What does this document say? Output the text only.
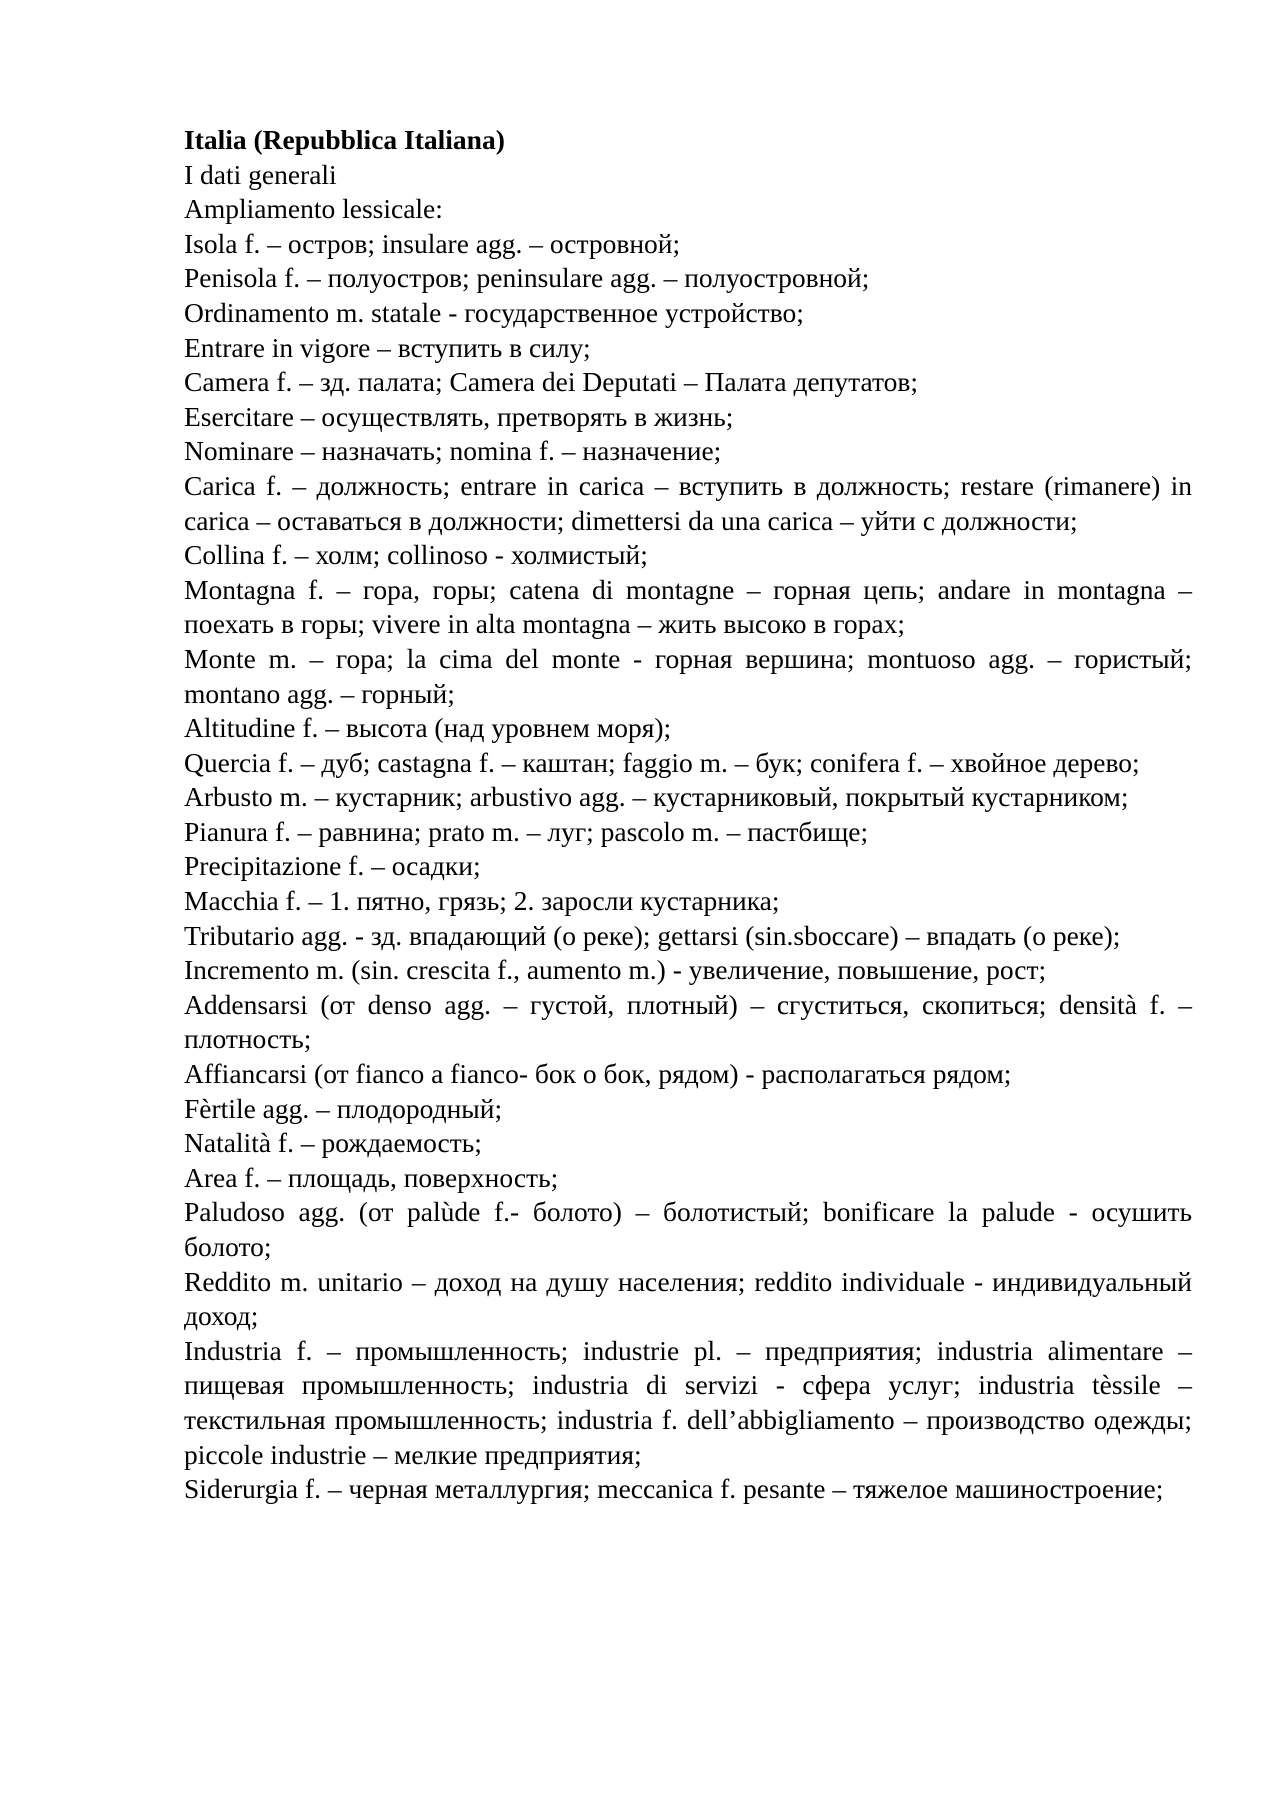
Italia (Repubblica Italiana)

I dati generali

Ampliamento lessicale:

Isola f. – остров; insulare agg. – островной;

Penisola f. – полуостров; peninsulare agg. – полуостровной;

Ordinamento m. statale - государственное устройство;

Entrare in vigore – вступить в силу;

Camera f. – зд. палата; Camera dei Deputati – Палата депутатов;

Esercitare – осуществлять, претворять в жизнь;

Nominare – назначать; nomina f. – назначение;

Carica f. – должность; entrare in carica – вступить в должность; restare (rimanere) in carica – оставаться в должности; dimettersi da una carica – уйти с должности;

Collina f. – холм; collinoso - холмистый;

Montagna f. – гора, горы; catena di montagne – горная цепь; andare in montagna – поехать в горы; vivere in alta montagna – жить высоко в горах;

Monte m. – гора; la cima del monte - горная вершина; montuoso agg. – гористый; montano agg. – горный;

Altitudine f. – высота (над уровнем моря);

Quercia f. – дуб; castagna f. – каштан; faggio m. – бук; conifera f. – хвойное дерево;

Arbusto m. – кустарник; arbustivo agg. – кустарниковый, покрытый кустарником;

Pianura f. – равнина; prato m. – луг; pascolo m. – пастбище;

Precipitazione f. – осадки;

Macchia f. – 1. пятно, грязь; 2. заросли кустарника;

Tributario agg. - зд. впадающий (о реке); gettarsi (sin.sboccare) – впадать (о реке);

Incremento m. (sin. crescita f., aumento m.) - увеличение, повышение, рост;

Addensarsi (от denso agg. – густой, плотный) – сгуститься, скопиться; densità f. –плотность;

Affiancarsi (от fianco a fianco- бок о бок, рядом) - располагаться рядом;

Fèrtile agg. – плодородный;

Natalità f. – рождаемость;

Area f. – площадь, поверхность;

Paludoso agg. (от palùde f.- болото) – болотистый; bonificare la palude - осушить болото;

Reddito m. unitario – доход на душу населения; reddito individuale - индивидуальный доход;

Industria f. – промышленность; industrie pl. – предприятия; industria alimentare – пищевая промышленность; industria di servizi - сфера услуг; industria tèssile – текстильная промышленность; industria f. dell’abbigliamento – производство одежды; piccole industrie – мелкие предприятия;

Siderurgia f. – черная металлургия; meccanica f. pesante – тяжелое машиностроение;
